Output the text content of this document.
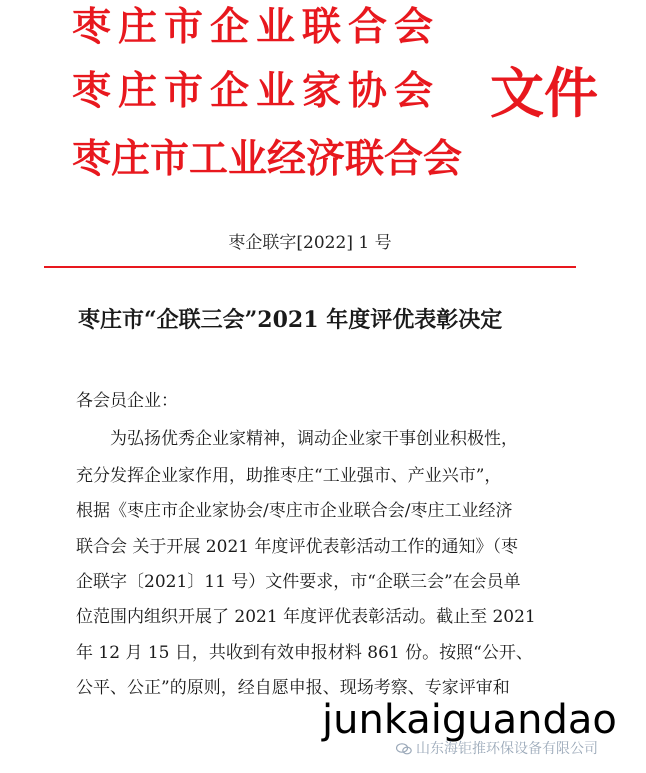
枣庄市企业联合会
枣庄市企业家协会
枣庄市工业经济联合会
文件
枣企联字[2022] 1 号
枣庄市“企联三会”2021 年度评优表彰决定
各会员企业：
　　为弘扬优秀企业家精神，调动企业家干事创业积极性，
充分发挥企业家作用，助推枣庄“工业强市、产业兴市”，
根据《枣庄市企业家协会/枣庄市企业联合会/枣庄工业经济
联合会 关于开展 2021 年度评优表彰活动工作的通知》（枣
企联字〔2021〕11 号）文件要求，市“企联三会”在会员单
位范围内组织开展了 2021 年度评优表彰活动。截止至 2021
年 12 月 15 日，共收到有效申报材料 861 份。按照“公开、
公平、公正”的原则，经自愿申报、现场考察、专家评审和
junkaiguandao
山东海钜推环保设备有限公司
